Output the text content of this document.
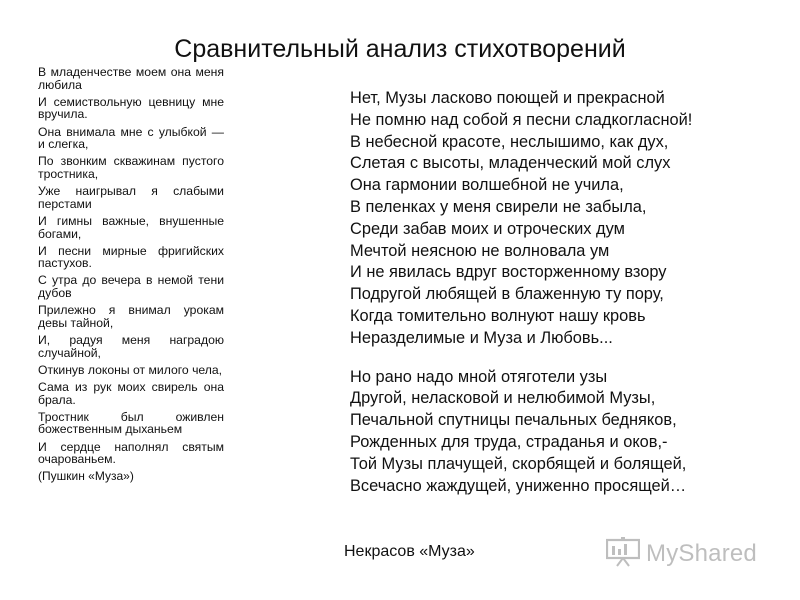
Сравнительный анализ стихотворений
В младенчестве моем она меня любила
И семиствольную цевницу мне вручила.
Она внимала мне с улыбкой — и слегка,
По звонким скважинам пустого тростника,
Уже наигрывал я слабыми перстами
И гимны важные, внушенные богами,
И песни мирные фригийских пастухов.
С утра до вечера в немой тени дубов
Прилежно я внимал урокам девы тайной,
И, радуя меня наградою случайной,
Откинув локоны от милого чела,
Сама из рук моих свирель она брала.
Тростник был оживлен божественным дыханьем
И сердце наполнял святым очарованьем.
(Пушкин «Муза»)
Нет, Музы ласково поющей и прекрасной
Не помню над собой я песни сладкогласной!
В небесной красоте, неслышимо, как дух,
Слетая с высоты, младенческий мой слух
Она гармонии волшебной не учила,
В пеленках у меня свирели не забыла,
Среди забав моих и отроческих дум
Мечтой неясною не волновала ум
И не явилась вдруг восторженному взору
Подругой любящей в блаженную ту пору,
Когда томительно волнуют нашу кровь
Неразделимые и Муза и Любовь...
Но рано надо мной отяготели узы
Другой, неласковой и нелюбимой Музы,
Печальной спутницы печальных бедняков,
Рожденных для труда, страданья и оков,-
Той Музы плачущей, скорбящей и болящей,
Всечасно жаждущей, униженно просящей…
Некрасов «Муза»	MyShared
